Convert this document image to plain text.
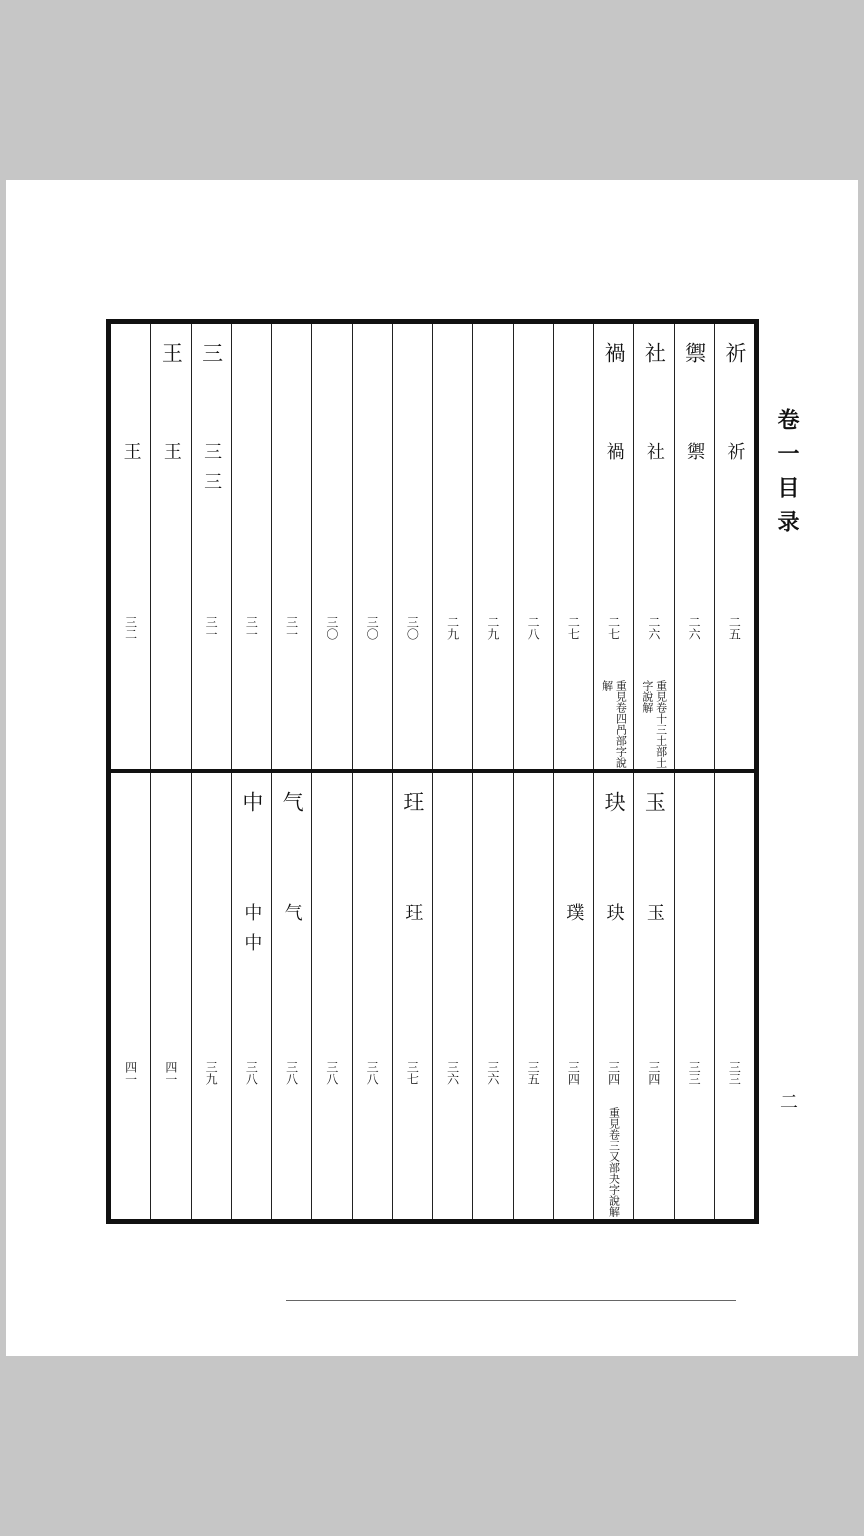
卷一目录
二
祈
祈
二五
禦
禦
二六
社
社
二六
重見卷十三土部土字說解
禍
禍
二七
重見卷四冎部字說解
二七
二八
二九
二九
三〇
三〇
三〇
三一
三一
三
三三
三一
王
王
王
三二
三三
三三
玉
玉
三四
玦
玦
三四
重見卷三又部夬字說解
璞
三四
三五
三六
三六
玨
玨
三七
三八
三八
气
气
三八
中
中中
三八
三九
四一
四一
